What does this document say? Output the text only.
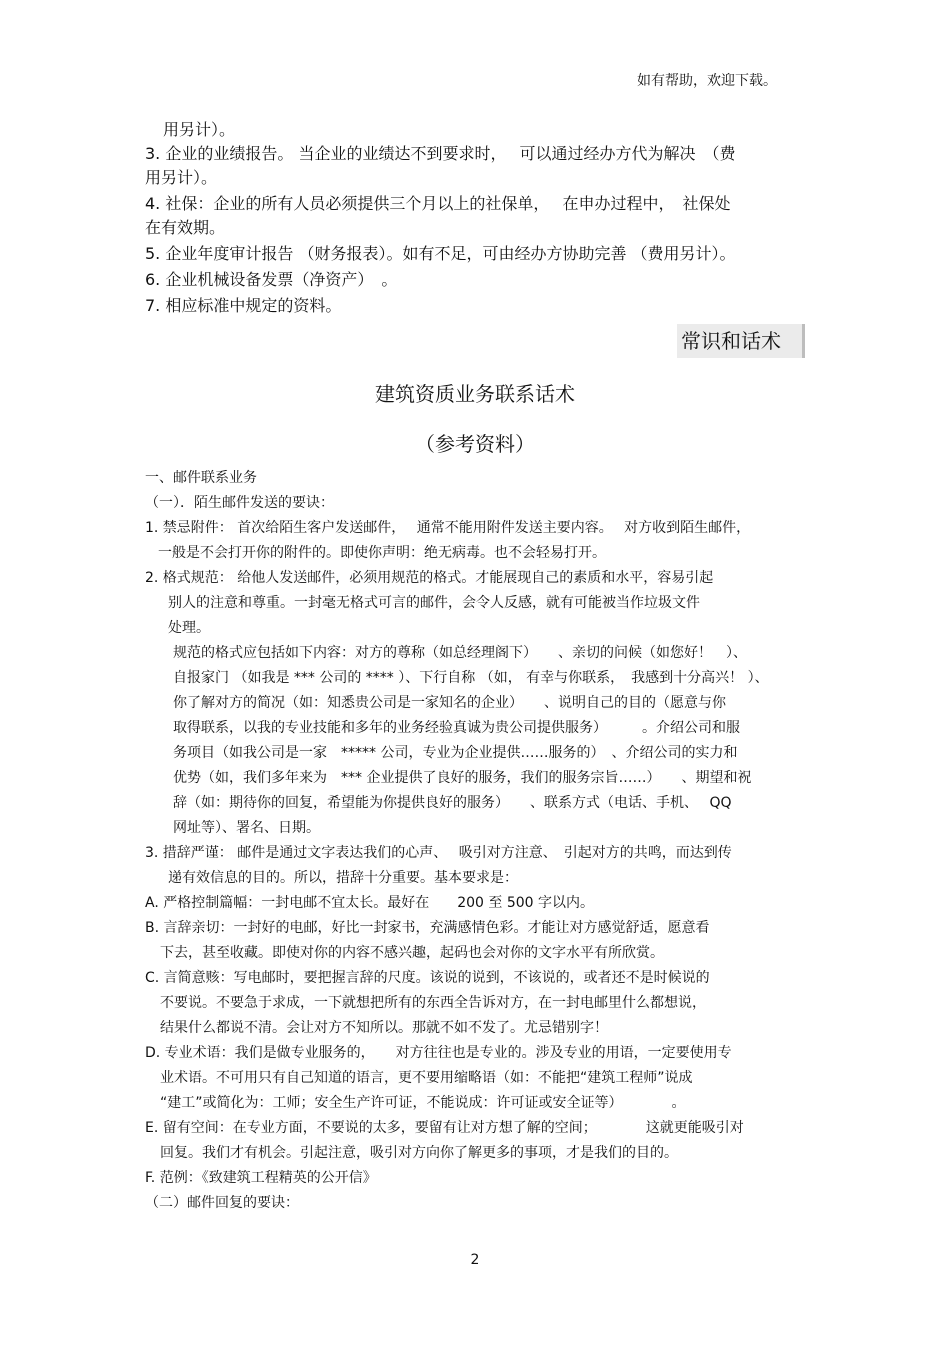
如有帮助，欢迎下载。
用另计）。
3. 企业的业绩报告。 当企业的业绩达不到要求时，　 可以通过经办方代为解决　（费
用另计）。
4. 社保：企业的所有人员必须提供三个月以上的社保单，　 在申办过程中，　社保处
在有效期。
5. 企业年度审计报告 （财务报表）。如有不足，可由经办方协助完善 （费用另计）。
6. 企业机械设备发票（净资产）　。
7. 相应标准中规定的资料。
常识和话术
建筑资质业务联系话术
（参考资料）
一、邮件联系业务
（一）．陌生邮件发送的要诀：
1. 禁忌附件： 首次给陌生客户发送邮件，　 通常不能用附件发送主要内容。　 对方收到陌生邮件，
一般是不会打开你的附件的。即使你声明：绝无病毒。也不会轻易打开。
2. 格式规范： 给他人发送邮件，必须用规范的格式。才能展现自己的素质和水平，容易引起
别人的注意和尊重。一封毫无格式可言的邮件，会令人反感，就有可能被当作垃圾文件
处理。
规范的格式应包括如下内容：对方的尊称（如总经理阁下）　　、亲切的问候（如您好！　）、
自报家门 （如我是 *** 公司的 **** ）、下行自称 （如， 有幸与你联系，　我感到十分高兴！ ）、
你了解对方的简况（如：知悉贵公司是一家知名的企业）　　、说明自己的目的（愿意与你
取得联系，以我的专业技能和多年的业务经验真诚为贵公司提供服务）　　　。介绍公司和服
务项目（如我公司是一家　***** 公司，专业为企业提供……服务的）　、介绍公司的实力和
优势（如，我们多年来为　*** 企业提供了良好的服务，我们的服务宗旨……）　　、期望和祝
辞（如：期待你的回复，希望能为你提供良好的服务）　　、联系方式（电话、手机、　 QQ
网址等）、署名、日期。
3. 措辞严谨： 邮件是通过文字表达我们的心声、　 吸引对方注意、　引起对方的共鸣，而达到传
递有效信息的目的。所以，措辞十分重要。基本要求是：
A. 严格控制篇幅：一封电邮不宜太长。最好在　　200 至 500 字以内。
B. 言辞亲切：一封好的电邮，好比一封家书，充满感情色彩。才能让对方感觉舒适，愿意看
下去，甚至收藏。即使对你的内容不感兴趣，起码也会对你的文字水平有所欣赏。
C. 言简意赅：写电邮时，要把握言辞的尺度。该说的说到，不该说的，或者还不是时候说的
不要说。不要急于求成，一下就想把所有的东西全告诉对方，在一封电邮里什么都想说，
结果什么都说不清。会让对方不知所以。那就不如不发了。尤忌错别字！
D. 专业术语：我们是做专业服务的，　　对方往往也是专业的。涉及专业的用语，一定要使用专
业术语。不可用只有自己知道的语言，更不要用缩略语（如：不能把“建筑工程师”说成
“建工”或简化为：工师；安全生产许可证，不能说成：许可证或安全证等）　　　　。
E. 留有空间：在专业方面，不要说的太多，要留有让对方想了解的空间；　　　　这就更能吸引对
回复。我们才有机会。引起注意，吸引对方向你了解更多的事项，才是我们的目的。
F. 范例：《致建筑工程精英的公开信》
（二）邮件回复的要诀：
2
